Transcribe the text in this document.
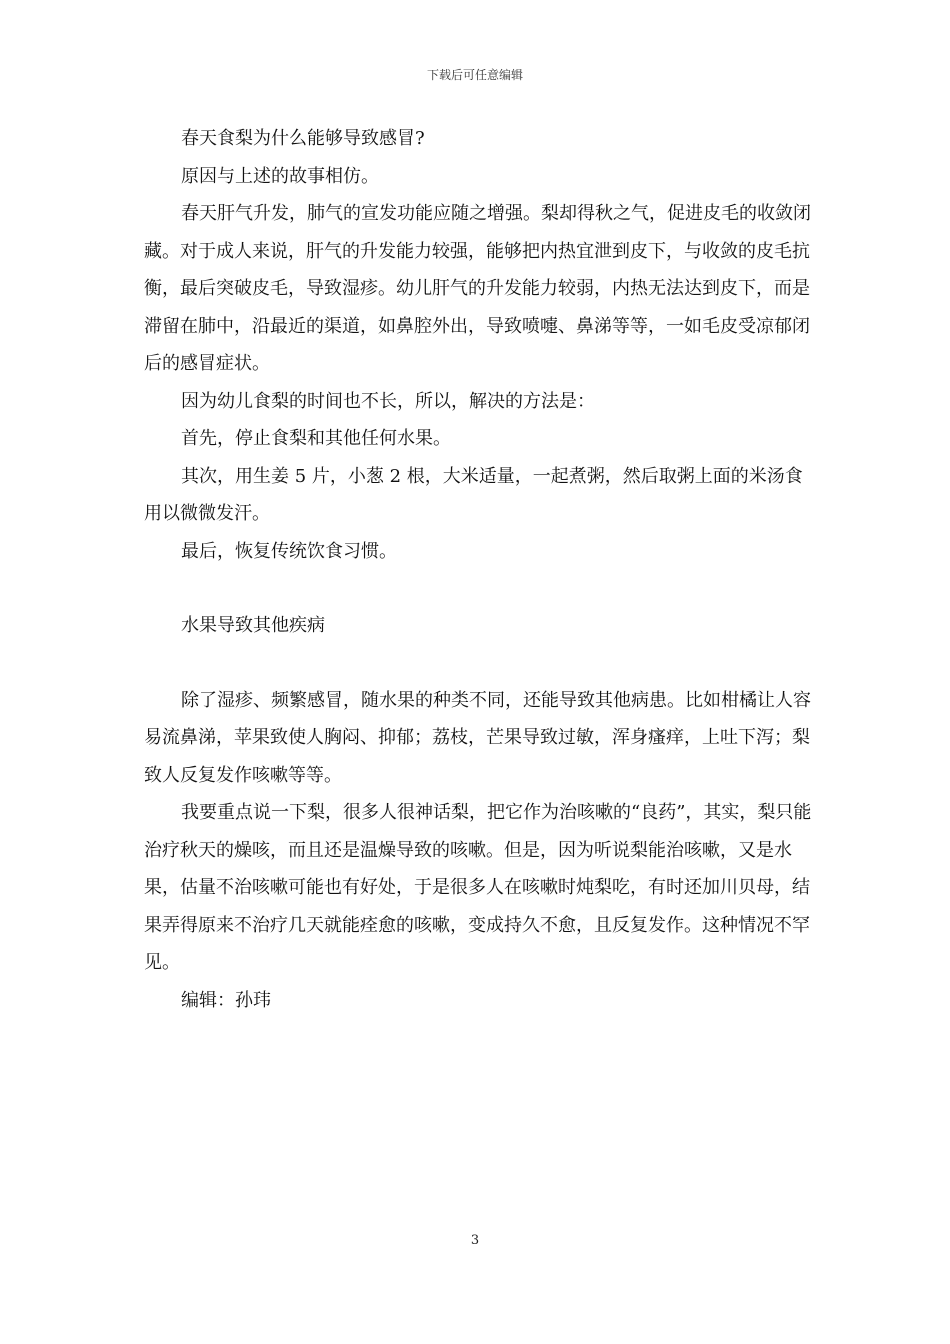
下载后可任意编辑

春天食梨为什么能够导致感冒?

原因与上述的故事相仿。

春天肝气升发，肺气的宣发功能应随之增强。梨却得秋之气，促进皮毛的收敛闭藏。对于成人来说，肝气的升发能力较强，能够把内热宜泄到皮下，与收敛的皮毛抗衡，最后突破皮毛，导致湿疹。幼儿肝气的升发能力较弱，内热无法达到皮下，而是滞留在肺中，沿最近的渠道，如鼻腔外出，导致喷嚏、鼻涕等等，一如毛皮受凉郁闭后的感冒症状。

因为幼儿食梨的时间也不长，所以，解决的方法是：

首先，停止食梨和其他任何水果。

其次，用生姜 5 片，小葱 2 根，大米适量，一起煮粥，然后取粥上面的米汤食用以微微发汗。

最后，恢复传统饮食习惯。

水果导致其他疾病

除了湿疹、频繁感冒，随水果的种类不同，还能导致其他病患。比如柑橘让人容易流鼻涕，苹果致使人胸闷、抑郁；荔枝，芒果导致过敏，浑身瘙痒，上吐下泻；梨致人反复发作咳嗽等等。

我要重点说一下梨，很多人很神话梨，把它作为治咳嗽的“良药”，其实，梨只能治疗秋天的燥咳，而且还是温燥导致的咳嗽。但是，因为听说梨能治咳嗽，又是水果，估量不治咳嗽可能也有好处，于是很多人在咳嗽时炖梨吃，有时还加川贝母，结果弄得原来不治疗几天就能痊愈的咳嗽，变成持久不愈，且反复发作。这种情况不罕见。

编辑：孙玮

3
